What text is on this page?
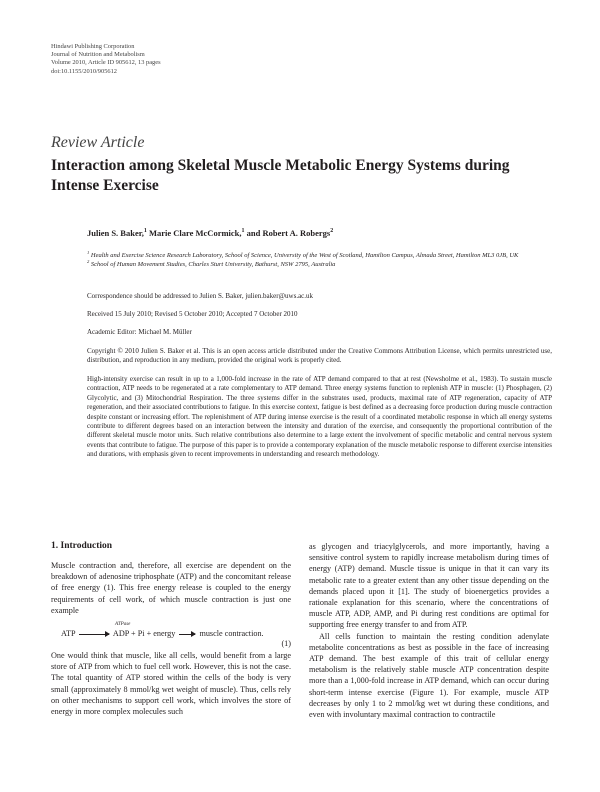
Hindawi Publishing Corporation
Journal of Nutrition and Metabolism
Volume 2010, Article ID 905612, 13 pages
doi:10.1155/2010/905612
Review Article
Interaction among Skeletal Muscle Metabolic Energy Systems during Intense Exercise
Julien S. Baker,$^1$ Marie Clare McCormick,$^1$ and Robert A. Robergs$^2$
$^1$ Health and Exercise Science Research Laboratory, School of Science, University of the West of Scotland, Hamilton Campus, Almada Street, Hamilton ML3 0JB, UK
$^2$ School of Human Movement Studies, Charles Sturt University, Bathurst, NSW 2795, Australia
Correspondence should be addressed to Julien S. Baker, julien.baker@uws.ac.uk
Received 15 July 2010; Revised 5 October 2010; Accepted 7 October 2010
Academic Editor: Michael M. Müller
Copyright © 2010 Julien S. Baker et al. This is an open access article distributed under the Creative Commons Attribution License, which permits unrestricted use, distribution, and reproduction in any medium, provided the original work is properly cited.
High-intensity exercise can result in up to a 1,000-fold increase in the rate of ATP demand compared to that at rest (Newsholme et al., 1983). To sustain muscle contraction, ATP needs to be regenerated at a rate complementary to ATP demand. Three energy systems function to replenish ATP in muscle: (1) Phosphagen, (2) Glycolytic, and (3) Mitochondrial Respiration. The three systems differ in the substrates used, products, maximal rate of ATP regeneration, capacity of ATP regeneration, and their associated contributions to fatigue. In this exercise context, fatigue is best defined as a decreasing force production during muscle contraction despite constant or increasing effort. The replenishment of ATP during intense exercise is the result of a coordinated metabolic response in which all energy systems contribute to different degrees based on an interaction between the intensity and duration of the exercise, and consequently the proportional contribution of the different skeletal muscle motor units. Such relative contributions also determine to a large extent the involvement of specific metabolic and central nervous system events that contribute to fatigue. The purpose of this paper is to provide a contemporary explanation of the muscle metabolic response to different exercise intensities and durations, with emphasis given to recent improvements in understanding and research methodology.
1. Introduction

Muscle contraction and, therefore, all exercise are dependent on the breakdown of adenosine triphosphate (ATP) and the concomitant release of free energy (1). This free energy release is coupled to the energy requirements of cell work, of which muscle contraction is just one example

ATPase
ATP → ADP + Pi + energy → muscle contraction.
(1)

One would think that muscle, like all cells, would benefit from a large store of ATP from which to fuel cell work. However, this is not the case. The total quantity of ATP stored within the cells of the body is very small (approximately 8 mmol/kg wet weight of muscle). Thus, cells rely on other mechanisms to support cell work, which involves the store of energy in more complex molecules such

as glycogen and triacylglycerols, and more importantly, having a sensitive control system to rapidly increase metabolism during times of energy (ATP) demand. Muscle tissue is unique in that it can vary its metabolic rate to a greater extent than any other tissue depending on the demands placed upon it [1]. The study of bioenergetics provides a rationale explanation for this scenario, where the concentrations of muscle ATP, ADP, AMP, and Pi during rest conditions are optimal for supporting free energy transfer to and from ATP.

All cells function to maintain the resting condition adenylate metabolite concentrations as best as possible in the face of increasing ATP demand. The best example of this trait of cellular energy metabolism is the relatively stable muscle ATP concentration despite more than a 1,000-fold increase in ATP demand, which can occur during short-term intense exercise (Figure 1). For example, muscle ATP decreases by only 1 to 2 mmol/kg wet wt during these conditions, and even with involuntary maximal contraction to contractile
